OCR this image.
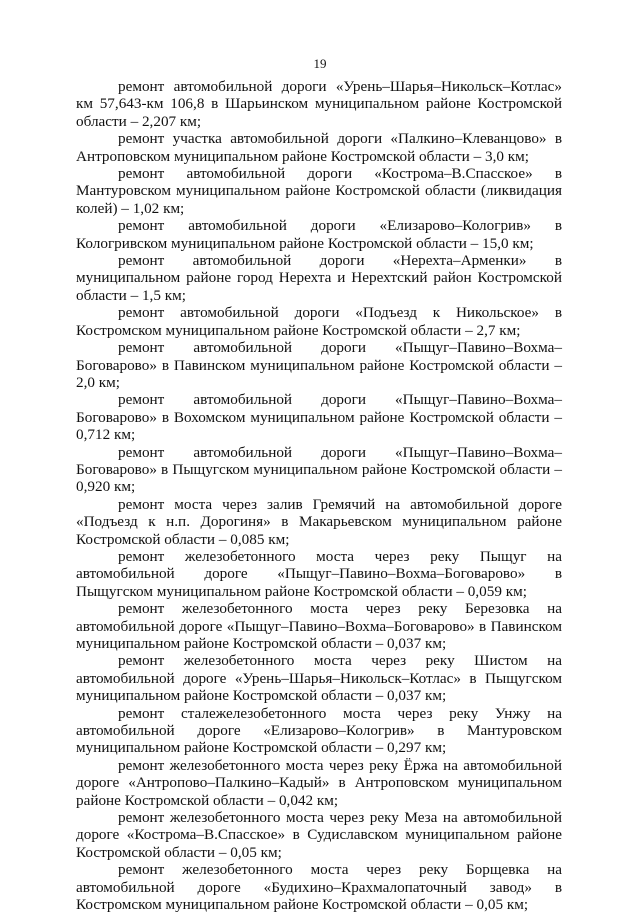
19

ремонт автомобильной дороги «Урень–Шарья–Никольск–Котлас» км 57,643-км 106,8 в Шарьинском муниципальном районе Костромской области – 2,207 км;

ремонт участка автомобильной дороги «Палкино–Клеванцово» в Антроповском муниципальном районе Костромской области – 3,0 км;

ремонт автомобильной дороги «Кострома–В.Спасское» в Мантуровском муниципальном районе Костромской области (ликвидация колей) – 1,02 км;

ремонт автомобильной дороги «Елизарово–Кологрив» в Кологривском муниципальном районе Костромской области – 15,0 км;

ремонт автомобильной дороги «Нерехта–Арменки» в муниципальном районе город Нерехта и Нерехтский район Костромской области – 1,5 км;

ремонт автомобильной дороги «Подъезд к Никольское» в Костромском муниципальном районе Костромской области – 2,7 км;

ремонт автомобильной дороги «Пыщуг–Павино–Вохма–Боговарово» в Павинском муниципальном районе Костромской области – 2,0 км;

ремонт автомобильной дороги «Пыщуг–Павино–Вохма–Боговарово» в Вохомском муниципальном районе Костромской области – 0,712 км;

ремонт автомобильной дороги «Пыщуг–Павино–Вохма–Боговарово» в Пыщугском муниципальном районе Костромской области – 0,920 км;

ремонт моста через залив Гремячий на автомобильной дороге «Подъезд к н.п. Дорогиня» в Макарьевском муниципальном районе Костромской области – 0,085 км;

ремонт железобетонного моста через реку Пыщуг на автомобильной дороге «Пыщуг–Павино–Вохма–Боговарово» в Пыщугском муниципальном районе Костромской области – 0,059 км;

ремонт железобетонного моста через реку Березовка на автомобильной дороге «Пыщуг–Павино–Вохма–Боговарово» в Павинском муниципальном районе Костромской области – 0,037 км;

ремонт железобетонного моста через реку Шистом на автомобильной дороге «Урень–Шарья–Никольск–Котлас» в Пыщугском муниципальном районе Костромской области – 0,037 км;

ремонт сталежелезобетонного моста через реку Унжу на автомобильной дороге «Елизарово–Кологрив» в Мантуровском муниципальном районе Костромской области – 0,297 км;

ремонт железобетонного моста через реку Ёржа на автомобильной дороге «Антропово–Палкино–Кадый» в Антроповском муниципальном районе Костромской области – 0,042 км;

ремонт железобетонного моста через реку Меза на автомобильной дороге «Кострома–В.Спасское» в Судиславском муниципальном районе Костромской области – 0,05 км;

ремонт железобетонного моста через реку Борщевка на автомобильной дороге «Будихино–Крахмалопаточный завод» в Костромском муниципальном районе Костромской области – 0,05 км;
